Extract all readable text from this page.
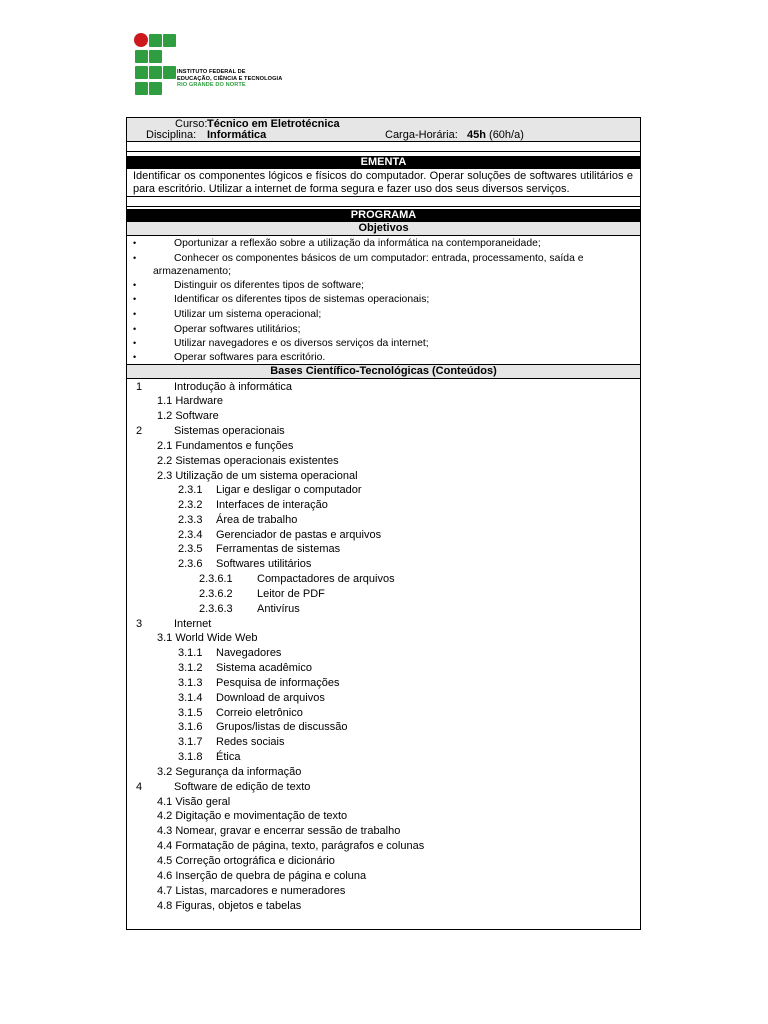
INSTITUTO FEDERAL DE
EDUCAÇÃO, CIÊNCIA E TECNOLOGIA
RIO GRANDE DO NORTE
Curso: Técnico em Eletrotécnica
Disciplina: Informática	Carga-Horária: 45h (60h/a)
EMENTA
Identificar os componentes lógicos e físicos do computador. Operar soluções de softwares utilitários e para escritório. Utilizar a internet de forma segura e fazer uso dos seus diversos serviços.
PROGRAMA
Objetivos
•	Oportunizar a reflexão sobre a utilização da informática na contemporaneidade;
•	Conhecer os componentes básicos de um computador: entrada, processamento, saída e
armazenamento;
•	Distinguir os diferentes tipos de software;
•	Identificar os diferentes tipos de sistemas operacionais;
•	Utilizar um sistema operacional;
•	Operar softwares utilitários;
•	Utilizar navegadores e os diversos serviços da internet;
•	Operar softwares para escritório.
Bases Científico-Tecnológicas (Conteúdos)
1	Introdução à informática
1.1 Hardware
1.2 Software
2	Sistemas operacionais
2.1 Fundamentos e funções
2.2 Sistemas operacionais existentes
2.3 Utilização de um sistema operacional
2.3.1 Ligar e desligar o computador
2.3.2 Interfaces de interação
2.3.3 Área de trabalho
2.3.4 Gerenciador de pastas e arquivos
2.3.5 Ferramentas de sistemas
2.3.6 Softwares utilitários
2.3.6.1 Compactadores de arquivos
2.3.6.2 Leitor de PDF
2.3.6.3 Antivírus
3	Internet
3.1 World Wide Web
3.1.1 Navegadores
3.1.2 Sistema acadêmico
3.1.3 Pesquisa de informações
3.1.4 Download de arquivos
3.1.5 Correio eletrônico
3.1.6 Grupos/listas de discussão
3.1.7 Redes sociais
3.1.8 Ética
3.2 Segurança da informação
4	Software de edição de texto
4.1 Visão geral
4.2 Digitação e movimentação de texto
4.3 Nomear, gravar e encerrar sessão de trabalho
4.4 Formatação de página, texto, parágrafos e colunas
4.5 Correção ortográfica e dicionário
4.6 Inserção de quebra de página e coluna
4.7 Listas, marcadores e numeradores
4.8 Figuras, objetos e tabelas
